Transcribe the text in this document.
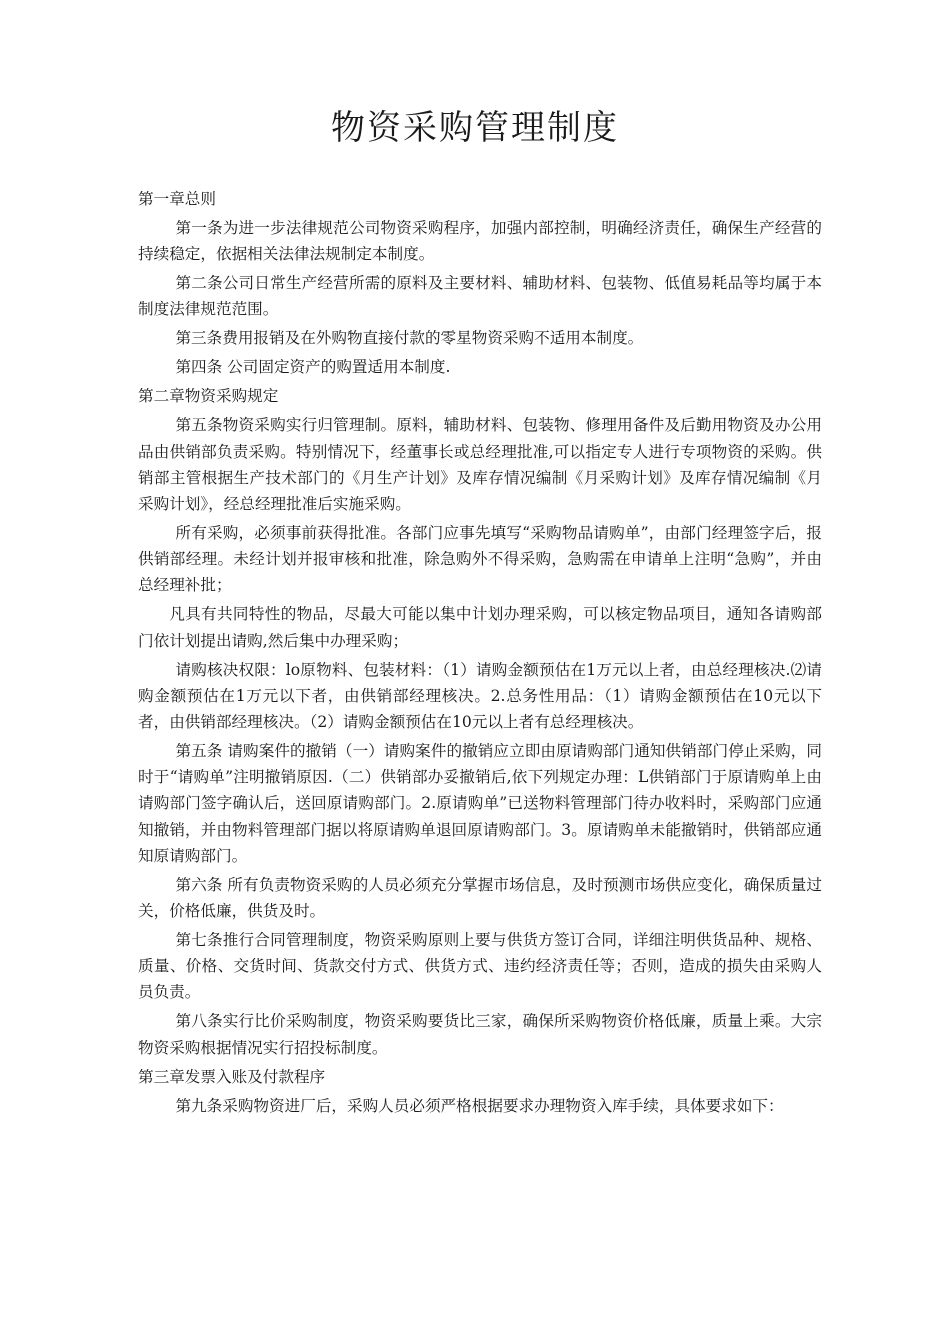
物资采购管理制度

第一章总则

第一条为进一步法律规范公司物资采购程序，加强内部控制，明确经济责任，确保生产经营的持续稳定，依据相关法律法规制定本制度。

第二条公司日常生产经营所需的原料及主要材料、辅助材料、包装物、低值易耗品等均属于本制度法律规范范围。

第三条费用报销及在外购物直接付款的零星物资采购不适用本制度。

第四条 公司固定资产的购置适用本制度.

第二章物资采购规定

第五条物资采购实行归管理制。原料，辅助材料、包装物、修理用备件及后勤用物资及办公用品由供销部负责采购。特别情况下，经董事长或总经理批准,可以指定专人进行专项物资的采购。供销部主管根据生产技术部门的《月生产计划》及库存情况编制《月采购计划》及库存情况编制《月采购计划》，经总经理批准后实施采购。

所有采购，必须事前获得批准。各部门应事先填写“采购物品请购单”，由部门经理签字后，报供销部经理。未经计划并报审核和批准，除急购外不得采购，急购需在申请单上注明“急购”，并由总经理补批；

凡具有共同特性的物品，尽最大可能以集中计划办理采购，可以核定物品项目，通知各请购部门依计划提出请购,然后集中办理采购；

请购核决权限：lo原物料、包装材料：（1）请购金额预估在1万元以上者，由总经理核决.⑵请购金额预估在1万元以下者，由供销部经理核决。2.总务性用品：（1）请购金额预估在10元以下者，由供销部经理核决。（2）请购金额预估在10元以上者有总经理核决。

第五条 请购案件的撤销（一）请购案件的撤销应立即由原请购部门通知供销部门停止采购，同时于“请购单”注明撤销原因.（二）供销部办妥撤销后,依下列规定办理：L供销部门于原请购单上由请购部门签字确认后，送回原请购部门。2.原请购单”已送物料管理部门待办收料时，采购部门应通知撤销，并由物料管理部门据以将原请购单退回原请购部门。3。原请购单未能撤销时，供销部应通知原请购部门。

第六条 所有负责物资采购的人员必须充分掌握市场信息，及时预测市场供应变化，确保质量过关，价格低廉，供货及时。

第七条推行合同管理制度，物资采购原则上要与供货方签订合同，详细注明供货品种、规格、质量、价格、交货时间、货款交付方式、供货方式、违约经济责任等；否则，造成的损失由采购人员负责。

第八条实行比价采购制度，物资采购要货比三家，确保所采购物资价格低廉，质量上乘。大宗物资采购根据情况实行招投标制度。

第三章发票入账及付款程序

第九条采购物资进厂后，采购人员必须严格根据要求办理物资入库手续，具体要求如下：
